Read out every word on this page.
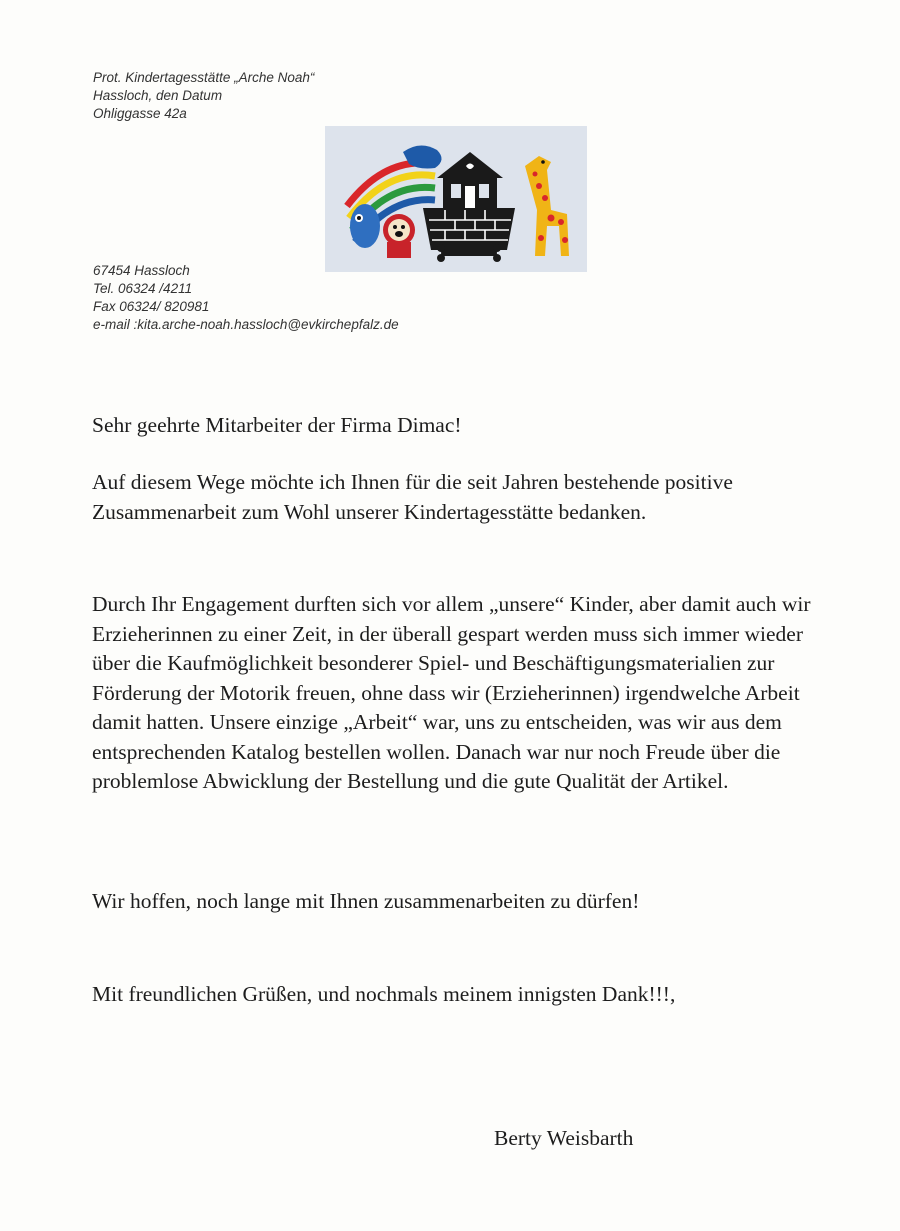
Prot. Kindertagesstätte „Arche Noah“
Hassloch, den Datum
Ohliggasse 42a
67454 Hassloch
Tel. 06324 /4211
Fax 06324/ 820981
e-mail :kita.arche-noah.hassloch@evkirchepfalz.de

Sehr geehrte Mitarbeiter der Firma Dimac!

Auf diesem Wege möchte ich Ihnen für die seit Jahren bestehende positive Zusammenarbeit zum Wohl unserer Kindertagesstätte bedanken.

Durch Ihr Engagement durften sich vor allem „unsere“ Kinder, aber damit auch wir Erzieherinnen zu einer Zeit, in der überall gespart werden muss sich immer wieder über die Kaufmöglichkeit besonderer Spiel- und Beschäftigungsmaterialien zur Förderung der Motorik freuen, ohne dass wir (Erzieherinnen) irgendwelche Arbeit damit hatten. Unsere einzige „Arbeit“ war, uns zu entscheiden, was wir aus dem entsprechenden Katalog bestellen wollen. Danach war nur noch Freude über die problemlose Abwicklung der Bestellung und die gute Qualität der Artikel.

Wir hoffen, noch lange mit Ihnen zusammenarbeiten zu dürfen!

Mit freundlichen Grüßen, und nochmals meinem innigsten Dank!!!,

Berty Weisbarth
